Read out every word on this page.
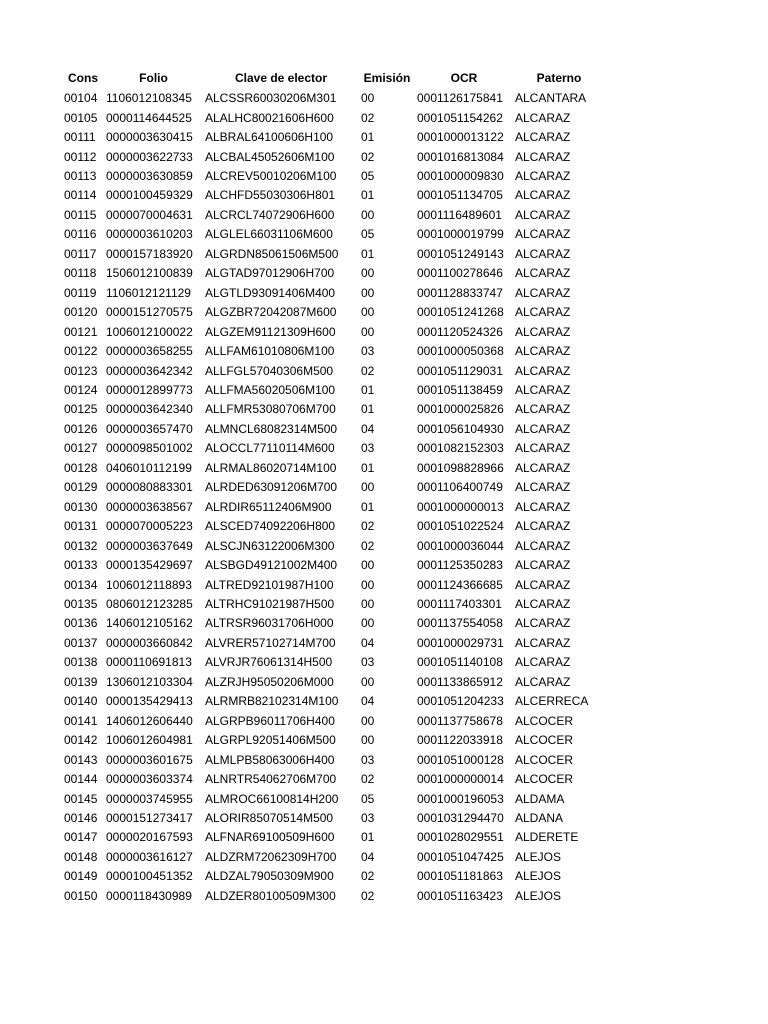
Cons	Folio	Clave de elector	Emisión	OCR	Paterno
00104	1106012108345	ALCSSR60030206M301	00	0001126175841	ALCANTARA
00105	0000114644525	ALALHC80021606H600	02	0001051154262	ALCARAZ
00111	0000003630415	ALBRAL64100606H100	01	0001000013122	ALCARAZ
00112	0000003622733	ALCBAL45052606M100	02	0001016813084	ALCARAZ
00113	0000003630859	ALCREV50010206M100	05	0001000009830	ALCARAZ
00114	0000100459329	ALCHFD55030306H801	01	0001051134705	ALCARAZ
00115	0000070004631	ALCRCL74072906H600	00	0001116489601	ALCARAZ
00116	0000003610203	ALGLEL66031106M600	05	0001000019799	ALCARAZ
00117	0000157183920	ALGRDN85061506M500	01	0001051249143	ALCARAZ
00118	1506012100839	ALGTAD97012906H700	00	0001100278646	ALCARAZ
00119	1106012121129	ALGTLD93091406M400	00	0001128833747	ALCARAZ
00120	0000151270575	ALGZBR72042087M600	00	0001051241268	ALCARAZ
00121	1006012100022	ALGZEM91121309H600	00	0001120524326	ALCARAZ
00122	0000003658255	ALLFAM61010806M100	03	0001000050368	ALCARAZ
00123	0000003642342	ALLFGL57040306M500	02	0001051129031	ALCARAZ
00124	0000012899773	ALLFMA56020506M100	01	0001051138459	ALCARAZ
00125	0000003642340	ALLFMR53080706M700	01	0001000025826	ALCARAZ
00126	0000003657470	ALMNCL68082314M500	04	0001056104930	ALCARAZ
00127	0000098501002	ALOCCL77110114M600	03	0001082152303	ALCARAZ
00128	0406010112199	ALRMAL86020714M100	01	0001098828966	ALCARAZ
00129	0000080883301	ALRDED63091206M700	00	0001106400749	ALCARAZ
00130	0000003638567	ALRDIR65112406M900	01	0001000000013	ALCARAZ
00131	0000070005223	ALSCED74092206H800	02	0001051022524	ALCARAZ
00132	0000003637649	ALSCJN63122006M300	02	0001000036044	ALCARAZ
00133	0000135429697	ALSBGD49121002M400	00	0001125350283	ALCARAZ
00134	1006012118893	ALTRED92101987H100	00	0001124366685	ALCARAZ
00135	0806012123285	ALTRHC91021987H500	00	0001117403301	ALCARAZ
00136	1406012105162	ALTRSR96031706H000	00	0001137554058	ALCARAZ
00137	0000003660842	ALVRER57102714M700	04	0001000029731	ALCARAZ
00138	0000110691813	ALVRJR76061314H500	03	0001051140108	ALCARAZ
00139	1306012103304	ALZRJH95050206M000	00	0001133865912	ALCARAZ
00140	0000135429413	ALRMRB82102314M100	04	0001051204233	ALCERRECA
00141	1406012606440	ALGRPB96011706H400	00	0001137758678	ALCOCER
00142	1006012604981	ALGRPL92051406M500	00	0001122033918	ALCOCER
00143	0000003601675	ALMLPB58063006H400	03	0001051000128	ALCOCER
00144	0000003603374	ALNRTR54062706M700	02	0001000000014	ALCOCER
00145	0000003745955	ALMROC66100814H200	05	0001000196053	ALDAMA
00146	0000151273417	ALORIR85070514M500	03	0001031294470	ALDANA
00147	0000020167593	ALFNAR69100509H600	01	0001028029551	ALDERETE
00148	0000003616127	ALDZRM72062309H700	04	0001051047425	ALEJOS
00149	0000100451352	ALDZAL79050309M900	02	0001051181863	ALEJOS
00150	0000118430989	ALDZER80100509M300	02	0001051163423	ALEJOS
